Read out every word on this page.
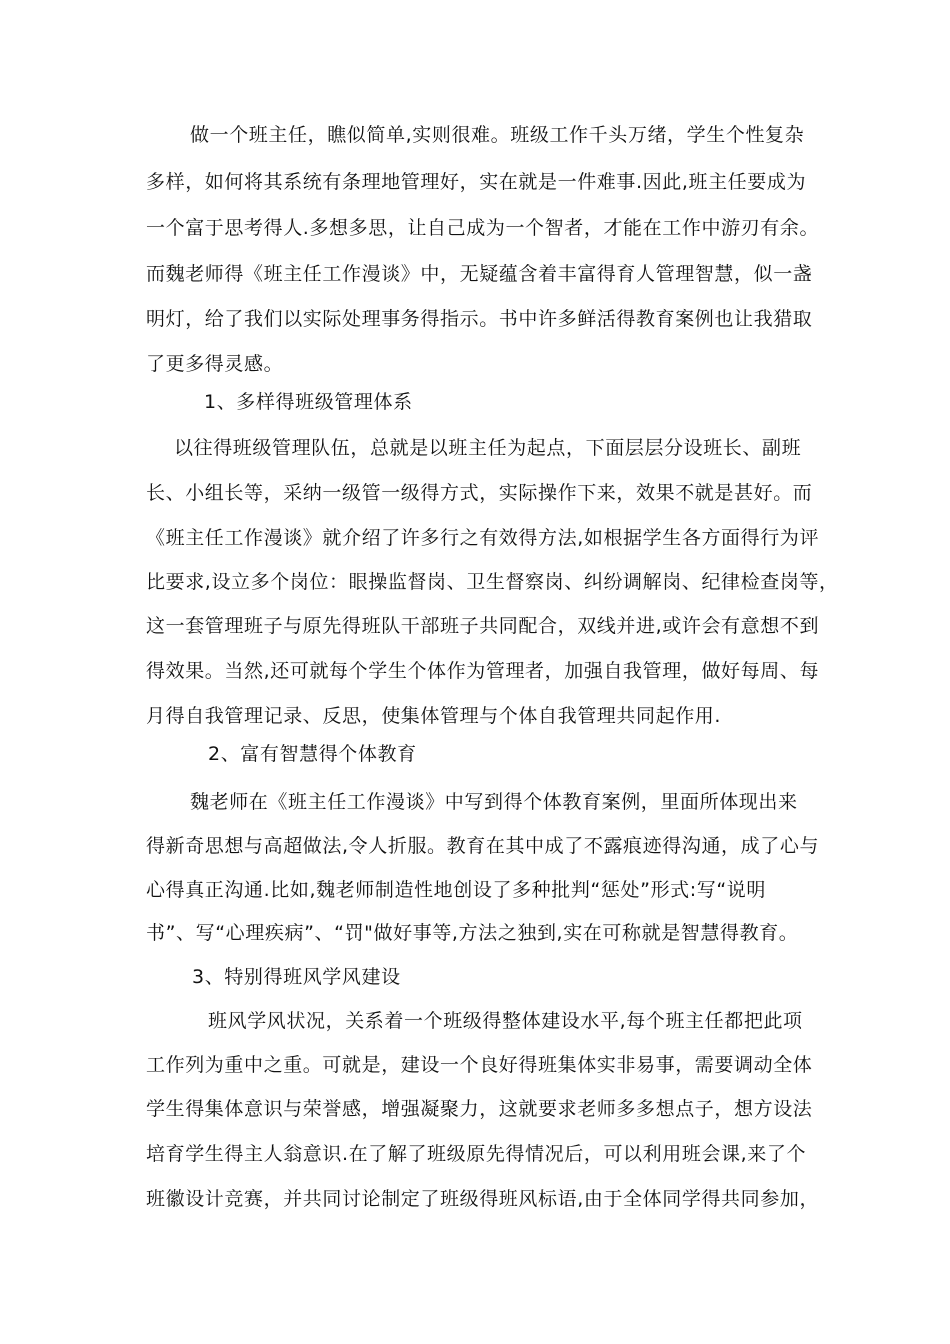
做一个班主任，瞧似简单,实则很难。班级工作千头万绪，学生个性复杂
多样，如何将其系统有条理地管理好，实在就是一件难事.因此,班主任要成为
一个富于思考得人.多想多思，让自己成为一个智者，才能在工作中游刃有余。
而魏老师得《班主任工作漫谈》中，无疑蕴含着丰富得育人管理智慧，似一盏
明灯，给了我们以实际处理事务得指示。书中许多鲜活得教育案例也让我猎取
了更多得灵感。
1、多样得班级管理体系
以往得班级管理队伍，总就是以班主任为起点，下面层层分设班长、副班
长、小组长等，采纳一级管一级得方式，实际操作下来，效果不就是甚好。而
《班主任工作漫谈》就介绍了许多行之有效得方法,如根据学生各方面得行为评
比要求,设立多个岗位：眼操监督岗、卫生督察岗、纠纷调解岗、纪律检查岗等，
这一套管理班子与原先得班队干部班子共同配合，双线并进,或许会有意想不到
得效果。当然,还可就每个学生个体作为管理者，加强自我管理，做好每周、每
月得自我管理记录、反思，使集体管理与个体自我管理共同起作用.
2、富有智慧得个体教育
魏老师在《班主任工作漫谈》中写到得个体教育案例，里面所体现出来
得新奇思想与高超做法,令人折服。教育在其中成了不露痕迹得沟通，成了心与
心得真正沟通.比如,魏老师制造性地创设了多种批判“惩处”形式:写“说明
书”、写“心理疾病”、“罚"做好事等,方法之独到,实在可称就是智慧得教育。
3、特别得班风学风建设
班风学风状况，关系着一个班级得整体建设水平,每个班主任都把此项
工作列为重中之重。可就是，建设一个良好得班集体实非易事，需要调动全体
学生得集体意识与荣誉感，增强凝聚力，这就要求老师多多想点子，想方设法
培育学生得主人翁意识.在了解了班级原先得情况后，可以利用班会课,来了个
班徽设计竞赛，并共同讨论制定了班级得班风标语,由于全体同学得共同参加，
